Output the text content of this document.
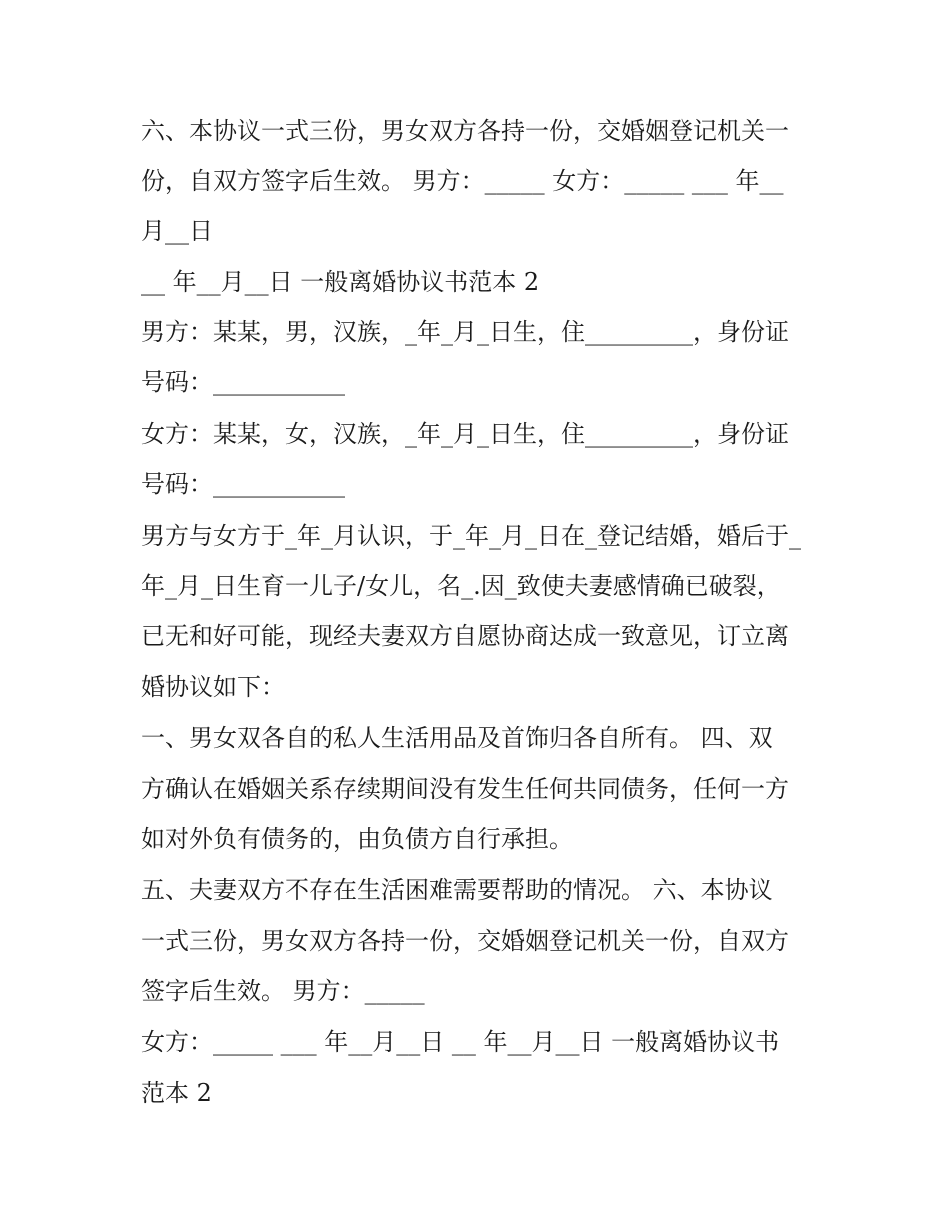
六、本协议一式三份，男女双方各持一份，交婚姻登记机关一
份，自双方签字后生效。 男方：_____ 女方：_____ ___ 年__
月__日
__ 年__月__日 一般离婚协议书范本 2
男方：某某，男，汉族，_年_月_日生，住_________，身份证
号码：___________
女方：某某，女，汉族，_年_月_日生，住_________，身份证
号码：___________
男方与女方于_年_月认识，于_年_月_日在_登记结婚，婚后于_
年_月_日生育一儿子/女儿，名_.因_致使夫妻感情确已破裂，
已无和好可能，现经夫妻双方自愿协商达成一致意见，订立离
婚协议如下：
一、男女双各自的私人生活用品及首饰归各自所有。 四、双
方确认在婚姻关系存续期间没有发生任何共同债务，任何一方
如对外负有债务的，由负债方自行承担。
五、夫妻双方不存在生活困难需要帮助的情况。 六、本协议
一式三份，男女双方各持一份，交婚姻登记机关一份，自双方
签字后生效。 男方：_____
女方：_____ ___ 年__月__日 __ 年__月__日 一般离婚协议书
范本 2
